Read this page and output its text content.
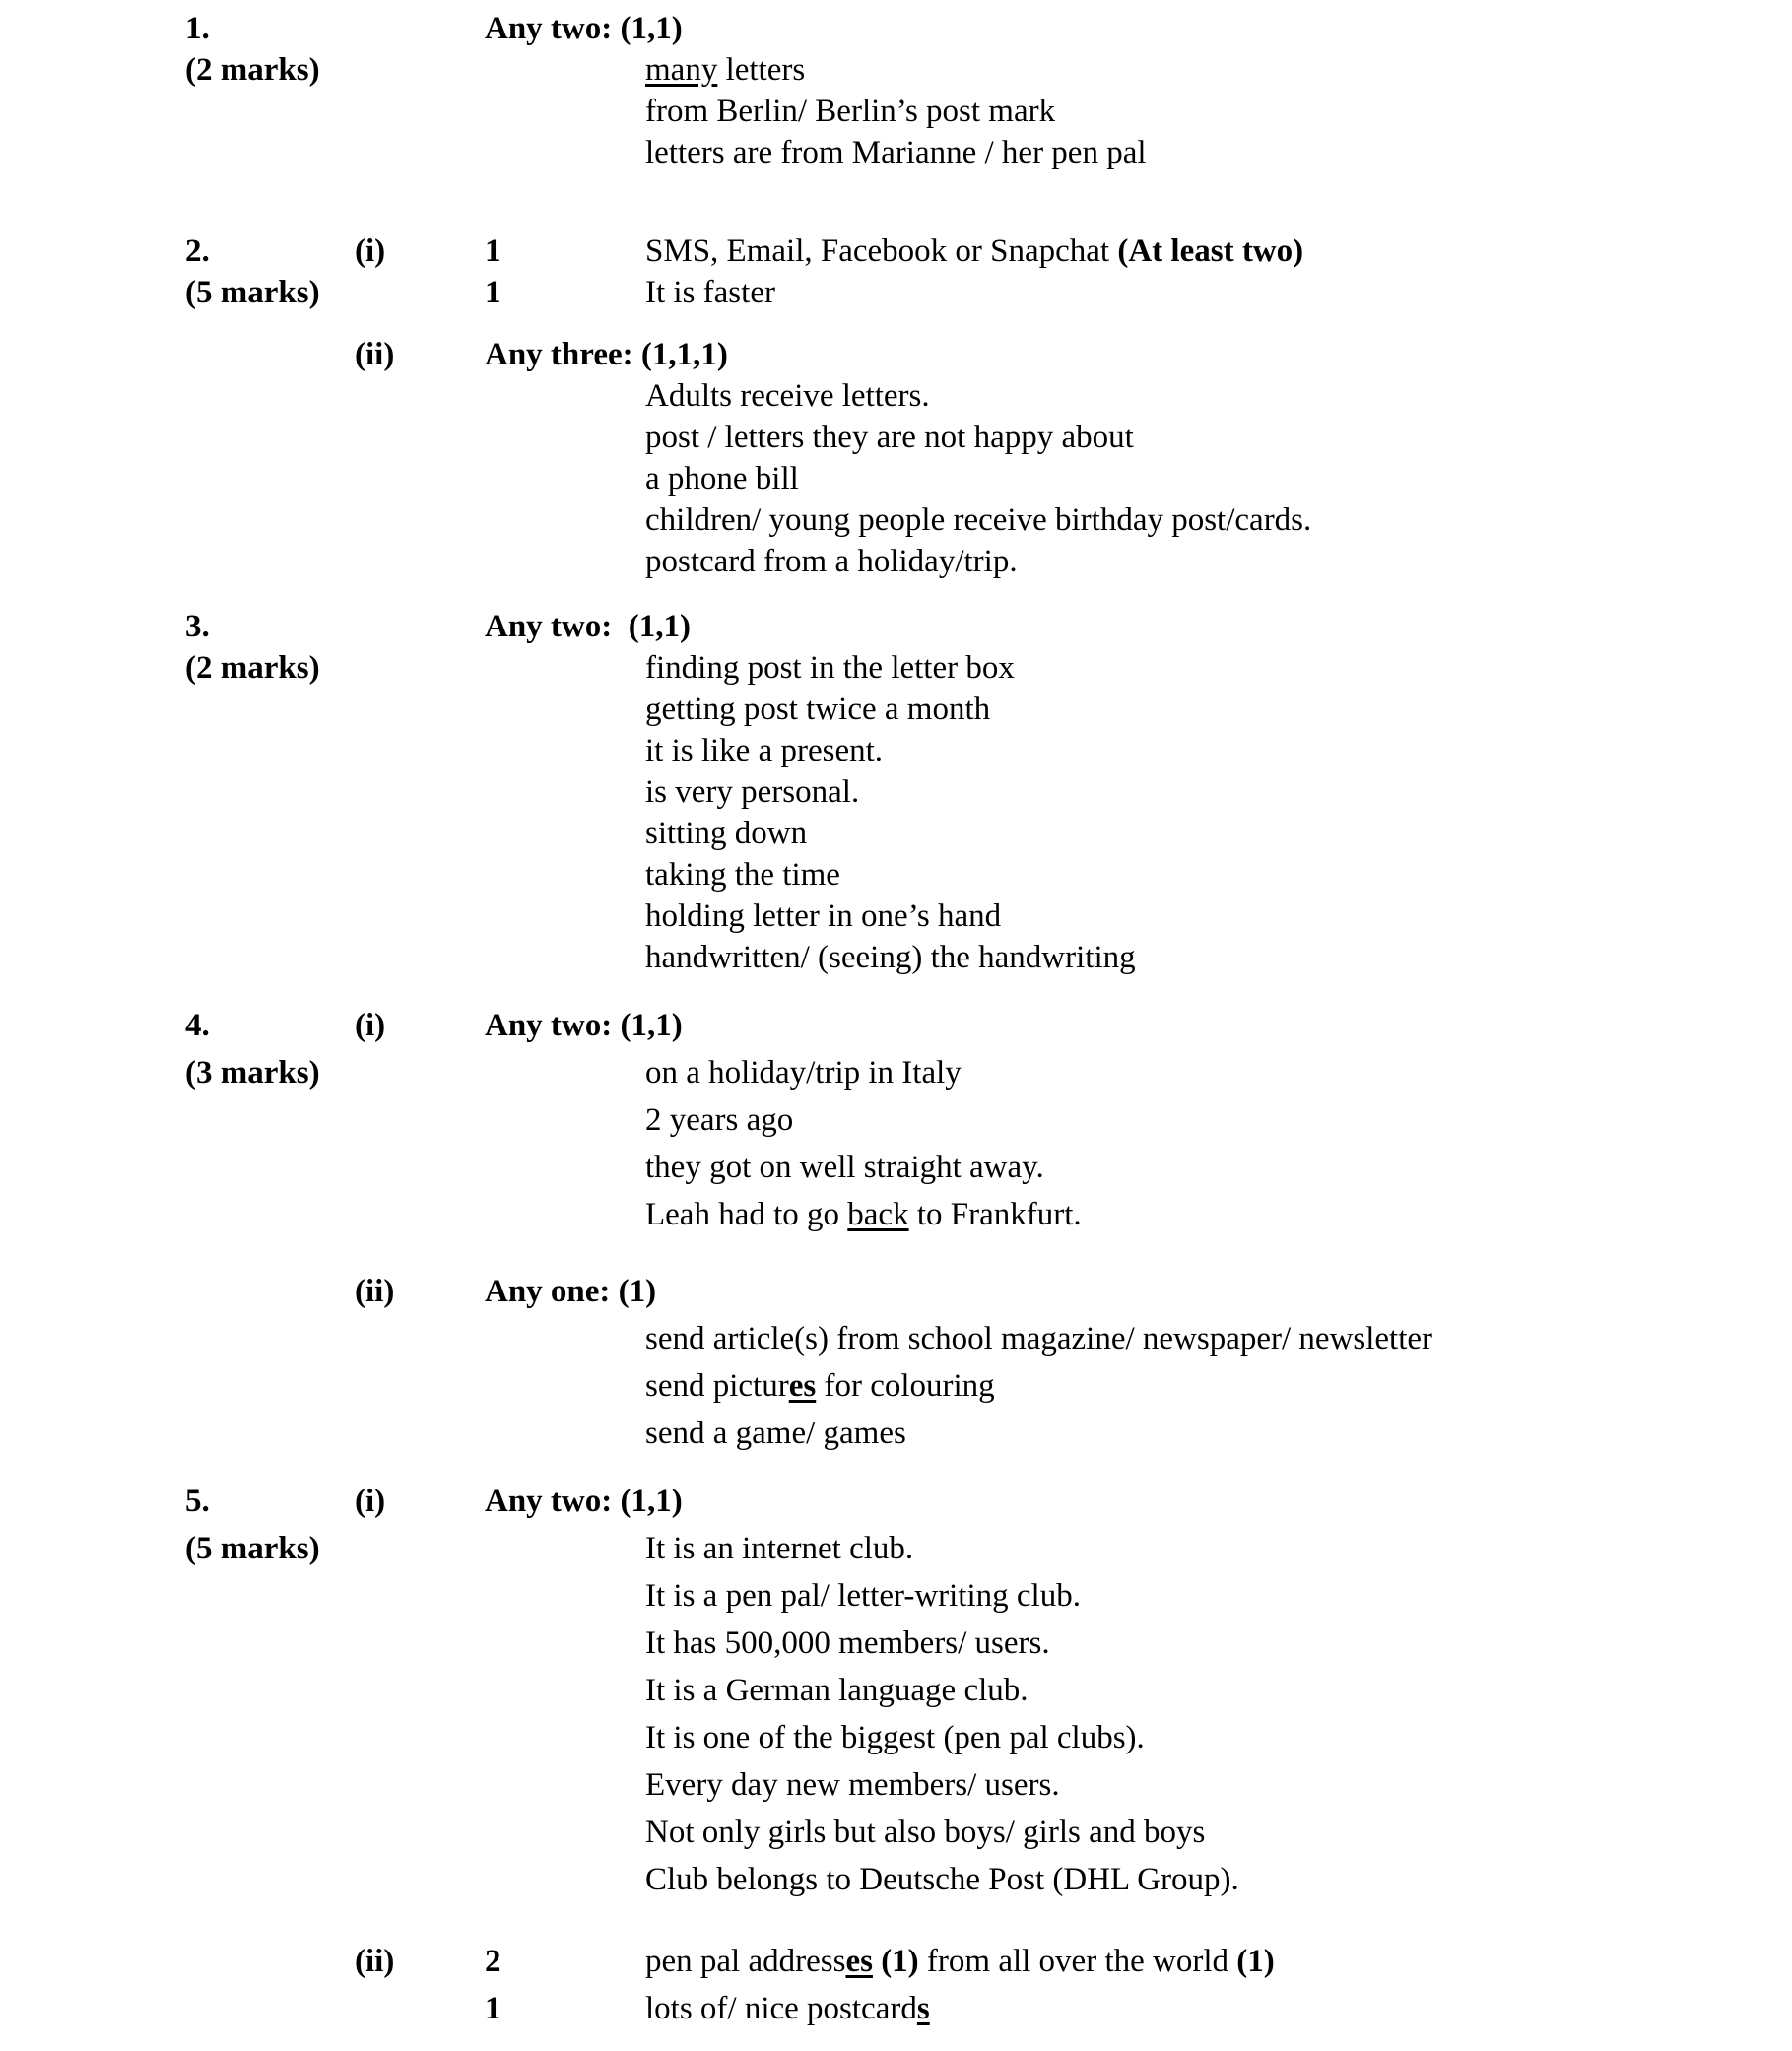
1.	Any two: (1,1)
(2 marks)	many letters
from Berlin/ Berlin’s post mark
letters are from Marianne / her pen pal
2.	(i)	1	SMS, Email, Facebook or Snapchat (At least two)
(5 marks)	1	It is faster
(ii)	Any three: (1,1,1)
Adults receive letters.
post / letters they are not happy about
a phone bill
children/ young people receive birthday post/cards.
postcard from a holiday/trip.
3.	Any two:  (1,1)
(2 marks)	finding post in the letter box
getting post twice a month
it is like a present.
is very personal.
sitting down
taking the time
holding letter in one’s hand
handwritten/ (seeing) the handwriting
4.	(i)	Any two: (1,1)
(3 marks)	on a holiday/trip in Italy
2 years ago
they got on well straight away.
Leah had to go back to Frankfurt.
(ii)	Any one: (1)
send article(s) from school magazine/ newspaper/ newsletter
send pictures for colouring
send a game/ games
5.	(i)	Any two: (1,1)
(5 marks)	It is an internet club.
It is a pen pal/ letter-writing club.
It has 500,000 members/ users.
It is a German language club.
It is one of the biggest (pen pal clubs).
Every day new members/ users.
Not only girls but also boys/ girls and boys
Club belongs to Deutsche Post (DHL Group).
(ii)	2	pen pal addresses (1) from all over the world (1)
1	lots of/ nice postcards
